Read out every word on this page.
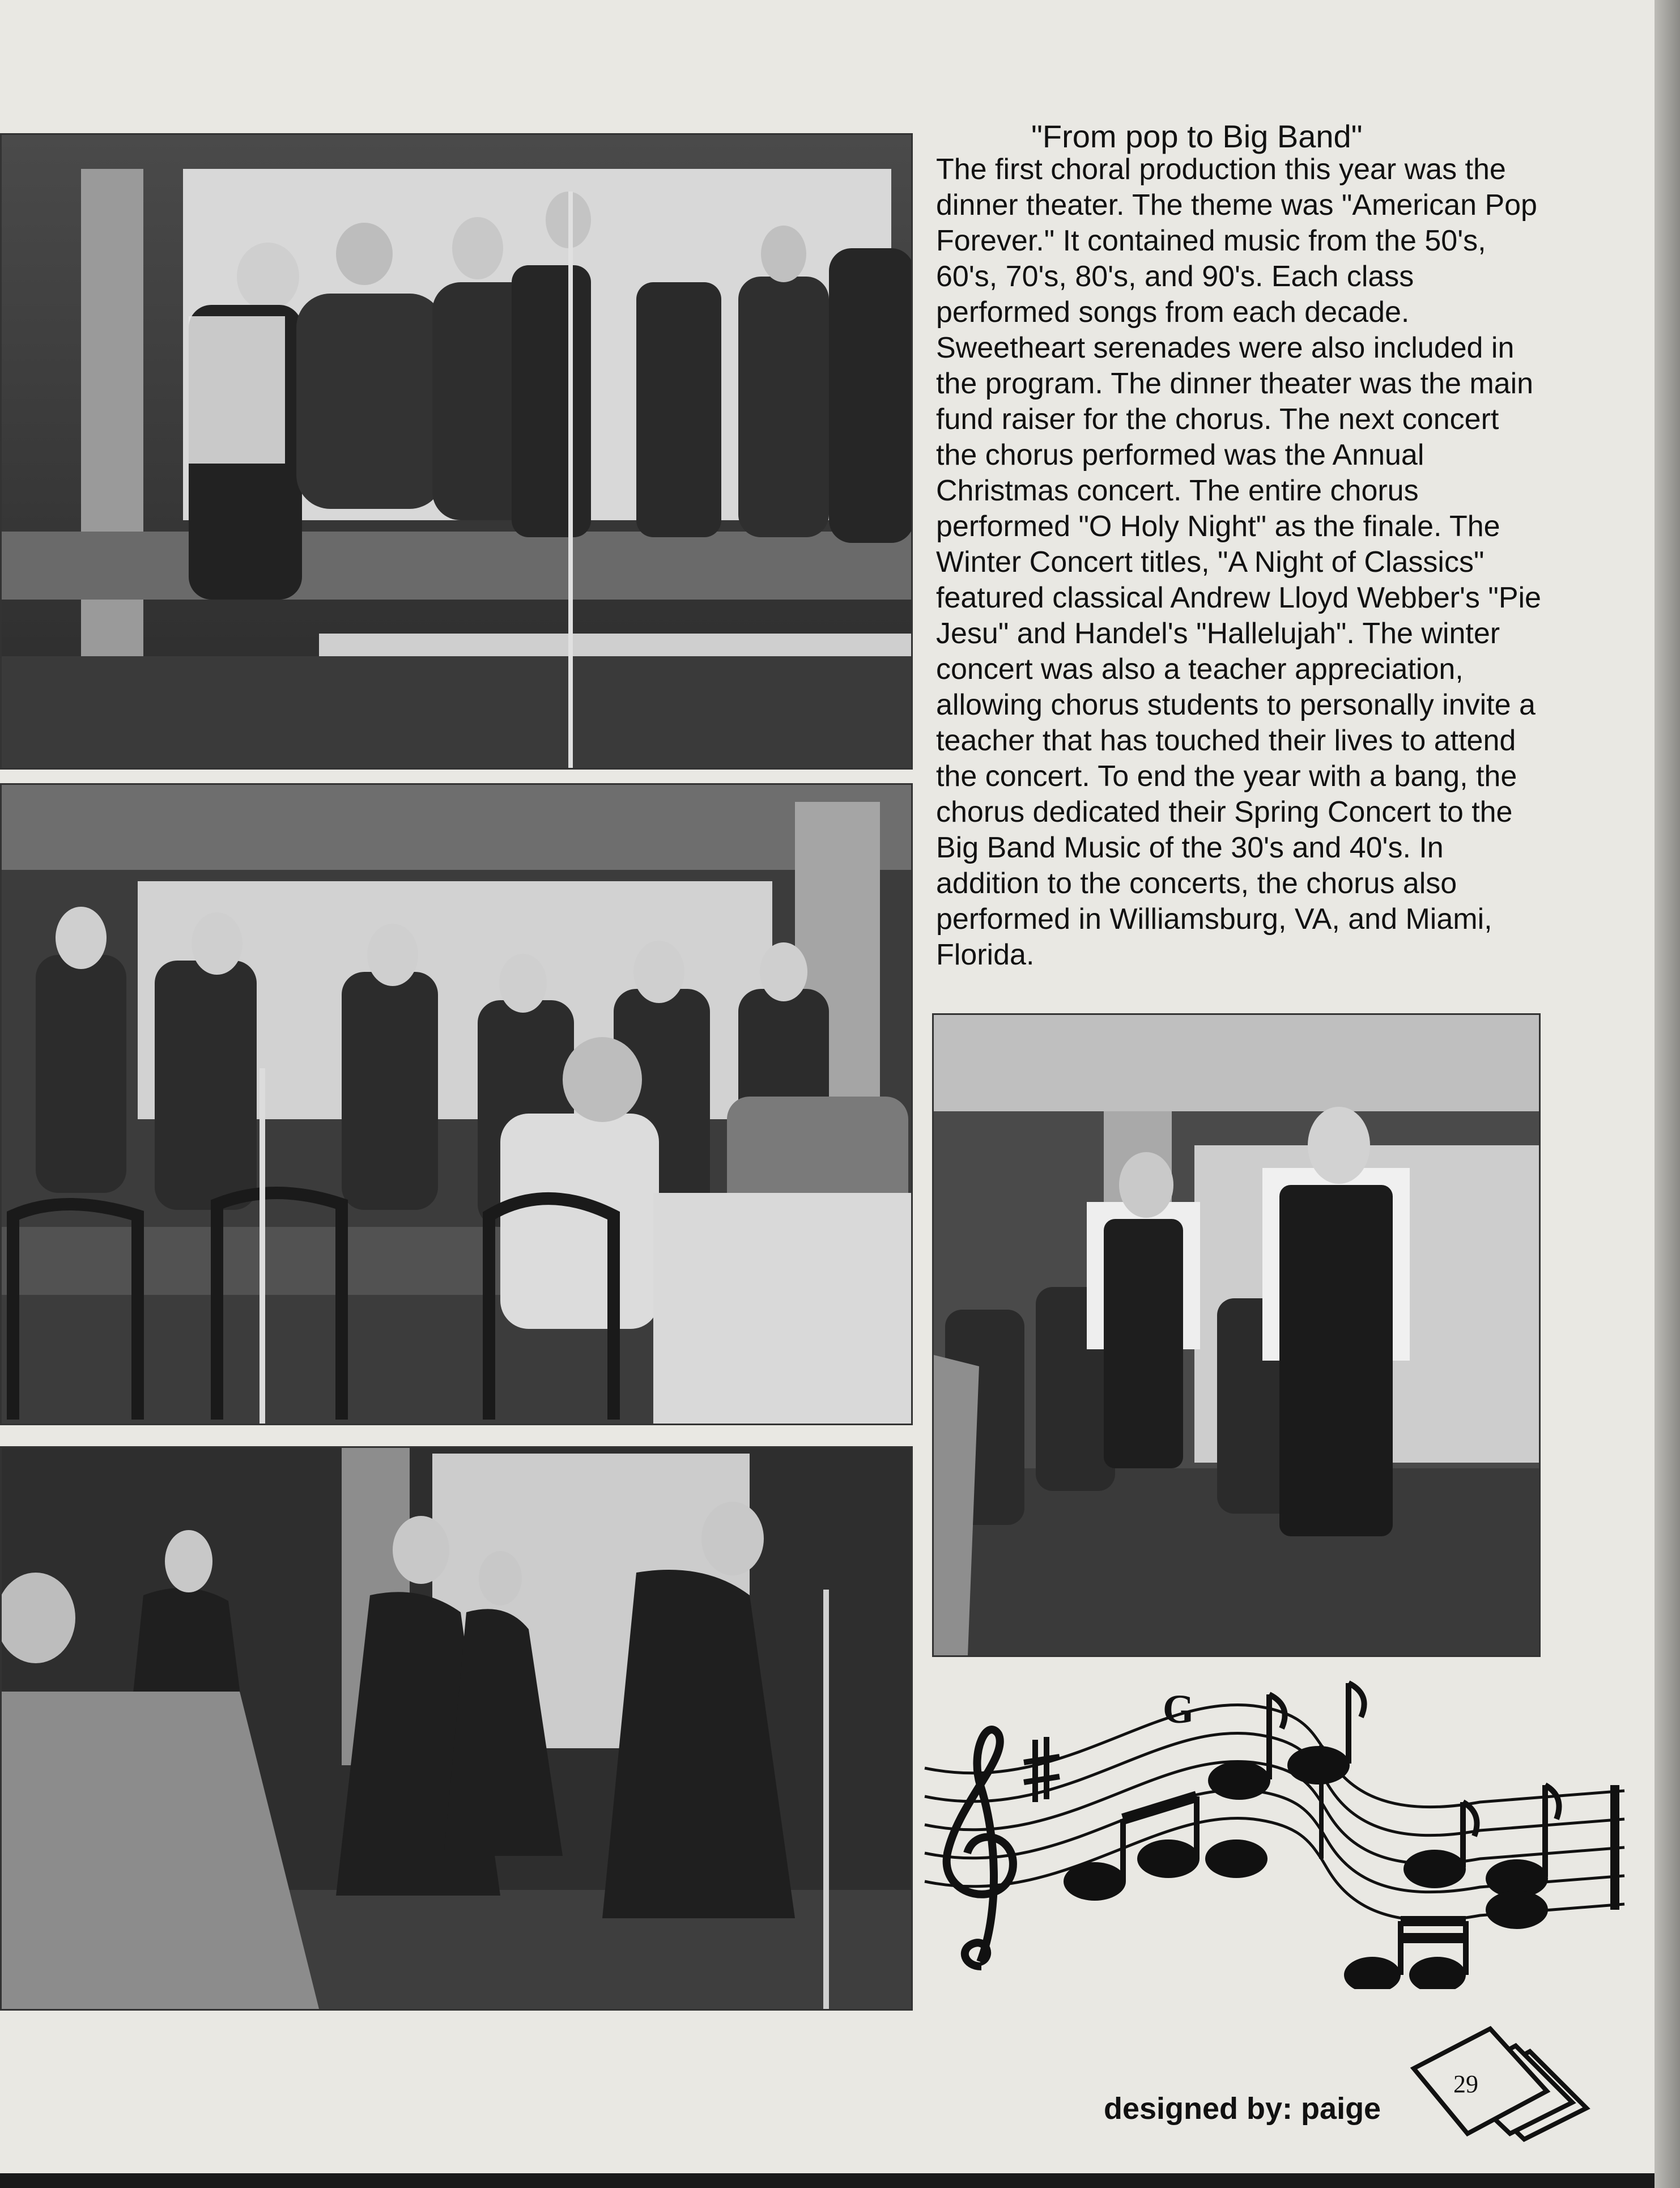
"From pop to Big Band"
The first choral production this year was the
dinner theater. The theme was "American Pop
Forever." It contained music from the 50's,
60's, 70's, 80's, and 90's. Each class
performed songs from each decade.
Sweetheart serenades were also included in
the program. The dinner theater was the main
fund raiser for the chorus. The next concert
the chorus performed was the Annual
Christmas concert. The entire chorus
performed "O Holy Night" as the finale. The
Winter Concert titles, "A Night of Classics"
featured classical Andrew Lloyd Webber's "Pie
Jesu" and Handel's "Hallelujah". The winter
concert was also a teacher appreciation,
allowing chorus students to personally invite a
teacher that has touched their lives to attend
the concert. To end the year with a bang, the
chorus dedicated their Spring Concert to the
Big Band Music of the 30's and 40's. In
addition to the concerts, the chorus also
performed in Williamsburg, VA, and Miami,
Florida.
G
designed by: paige
29
